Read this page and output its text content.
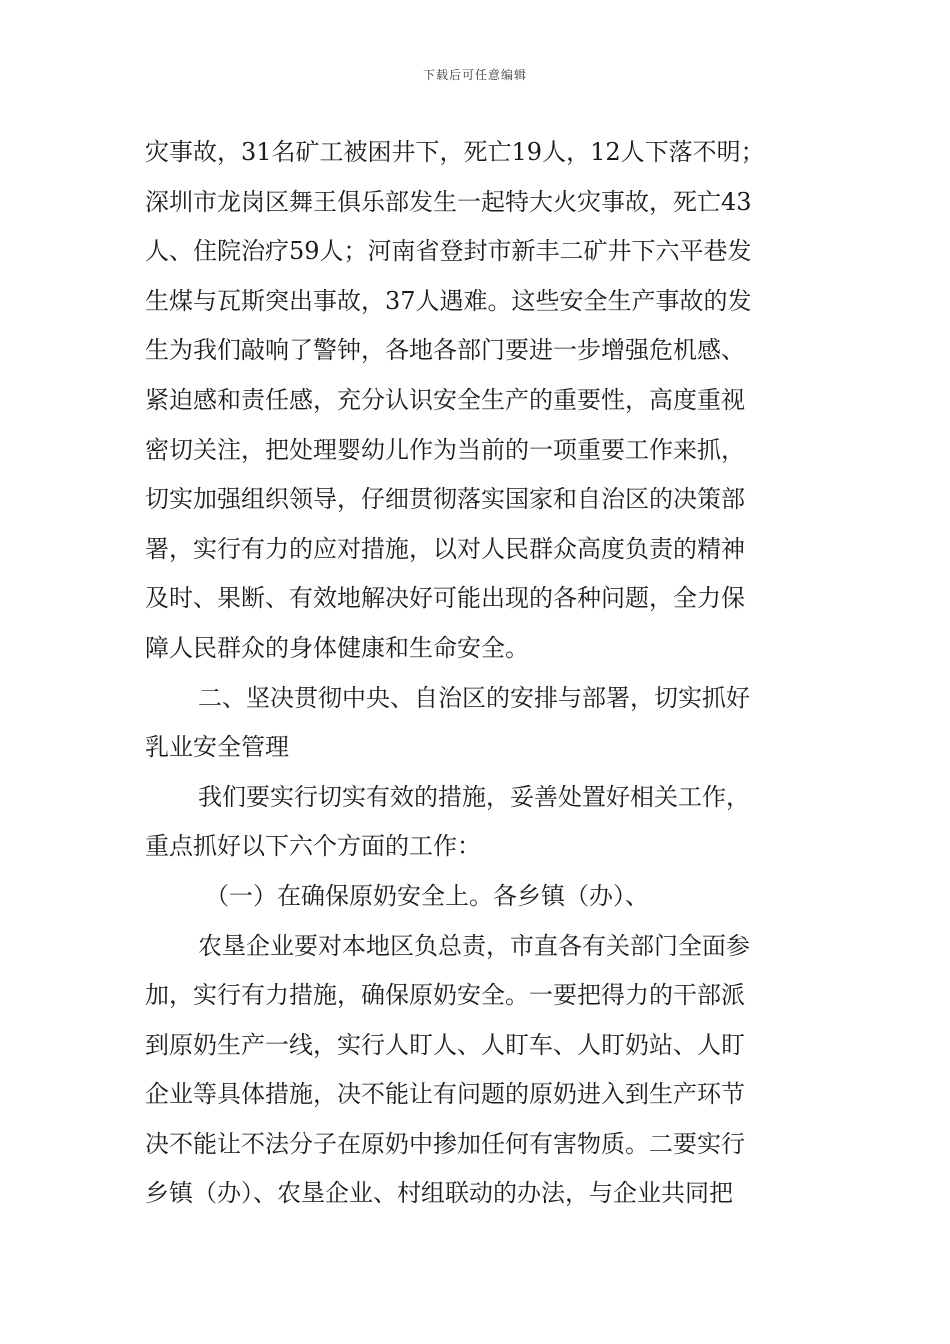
下载后可任意编辑
灾事故，31名矿工被困井下，死亡19人，12人下落不明；
深圳市龙岗区舞王俱乐部发生一起特大火灾事故，死亡43
人、住院治疗59人；河南省登封市新丰二矿井下六平巷发
生煤与瓦斯突出事故，37人遇难。这些安全生产事故的发
生为我们敲响了警钟，各地各部门要进一步增强危机感、
紧迫感和责任感，充分认识安全生产的重要性，高度重视
密切关注，把处理婴幼儿作为当前的一项重要工作来抓，
切实加强组织领导，仔细贯彻落实国家和自治区的决策部
署，实行有力的应对措施，以对人民群众高度负责的精神
及时、果断、有效地解决好可能出现的各种问题，全力保
障人民群众的身体健康和生命安全。
二、坚决贯彻中央、自治区的安排与部署，切实抓好
乳业安全管理
我们要实行切实有效的措施，妥善处置好相关工作，
重点抓好以下六个方面的工作：
（一）在确保原奶安全上。各乡镇（办）、
农垦企业要对本地区负总责，市直各有关部门全面参
加，实行有力措施，确保原奶安全。一要把得力的干部派
到原奶生产一线，实行人盯人、人盯车、人盯奶站、人盯
企业等具体措施，决不能让有问题的原奶进入到生产环节
决不能让不法分子在原奶中掺加任何有害物质。二要实行
乡镇（办）、农垦企业、村组联动的办法，与企业共同把
